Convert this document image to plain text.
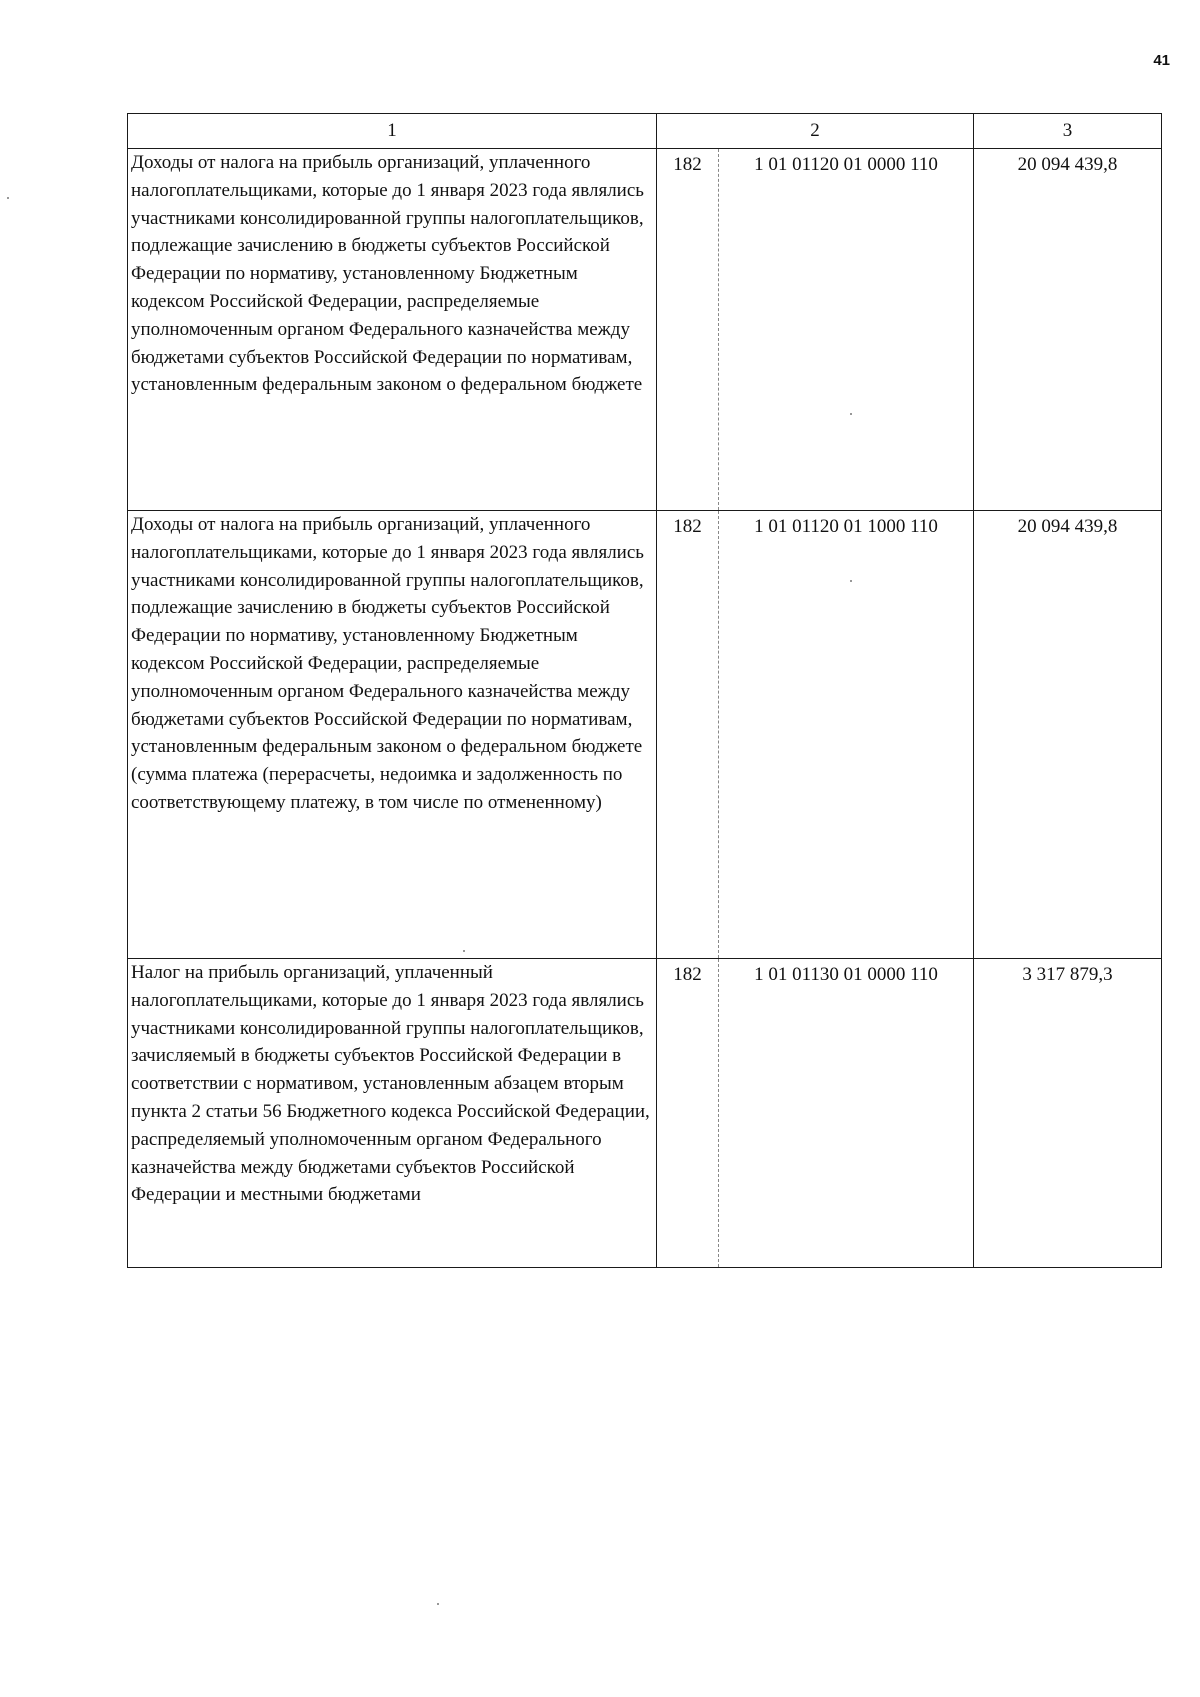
41
1	2		3
Доходы от налога на прибыль организаций, уплаченного налогоплательщиками, которые до 1 января 2023 года являлись участниками консолидированной группы налогоплательщиков, подлежащие зачислению в бюджеты субъектов Российской Федерации по нормативу, установленному Бюджетным кодексом Российской Федерации, распределяемые уполномоченным органом Федерального казначейства между бюджетами субъектов Российской Федерации по нормативам, установленным федеральным законом о федеральном бюджете	182	1 01 01120 01 0000 110	20 094 439,8
Доходы от налога на прибыль организаций, уплаченного налогоплательщиками, которые до 1 января 2023 года являлись участниками консолидированной группы налогоплательщиков, подлежащие зачислению в бюджеты субъектов Российской Федерации по нормативу, установленному Бюджетным кодексом Российской Федерации, распределяемые уполномоченным органом Федерального казначейства между бюджетами субъектов Российской Федерации по нормативам, установленным федеральным законом о федеральном бюджете (сумма платежа (перерасчеты, недоимка и задолженность по соответствующему платежу, в том числе по отмененному)	182	1 01 01120 01 1000 110	20 094 439,8
Налог на прибыль организаций, уплаченный налогоплательщиками, которые до 1 января 2023 года являлись участниками консолидированной группы налогоплательщиков, зачисляемый в бюджеты субъектов Российской Федерации в соответствии с нормативом, установленным абзацем вторым пункта 2 статьи 56 Бюджетного кодекса Российской Федерации, распределяемый уполномоченным органом Федерального казначейства между бюджетами субъектов Российской Федерации и местными бюджетами	182	1 01 01130 01 0000 110	3 317 879,3
